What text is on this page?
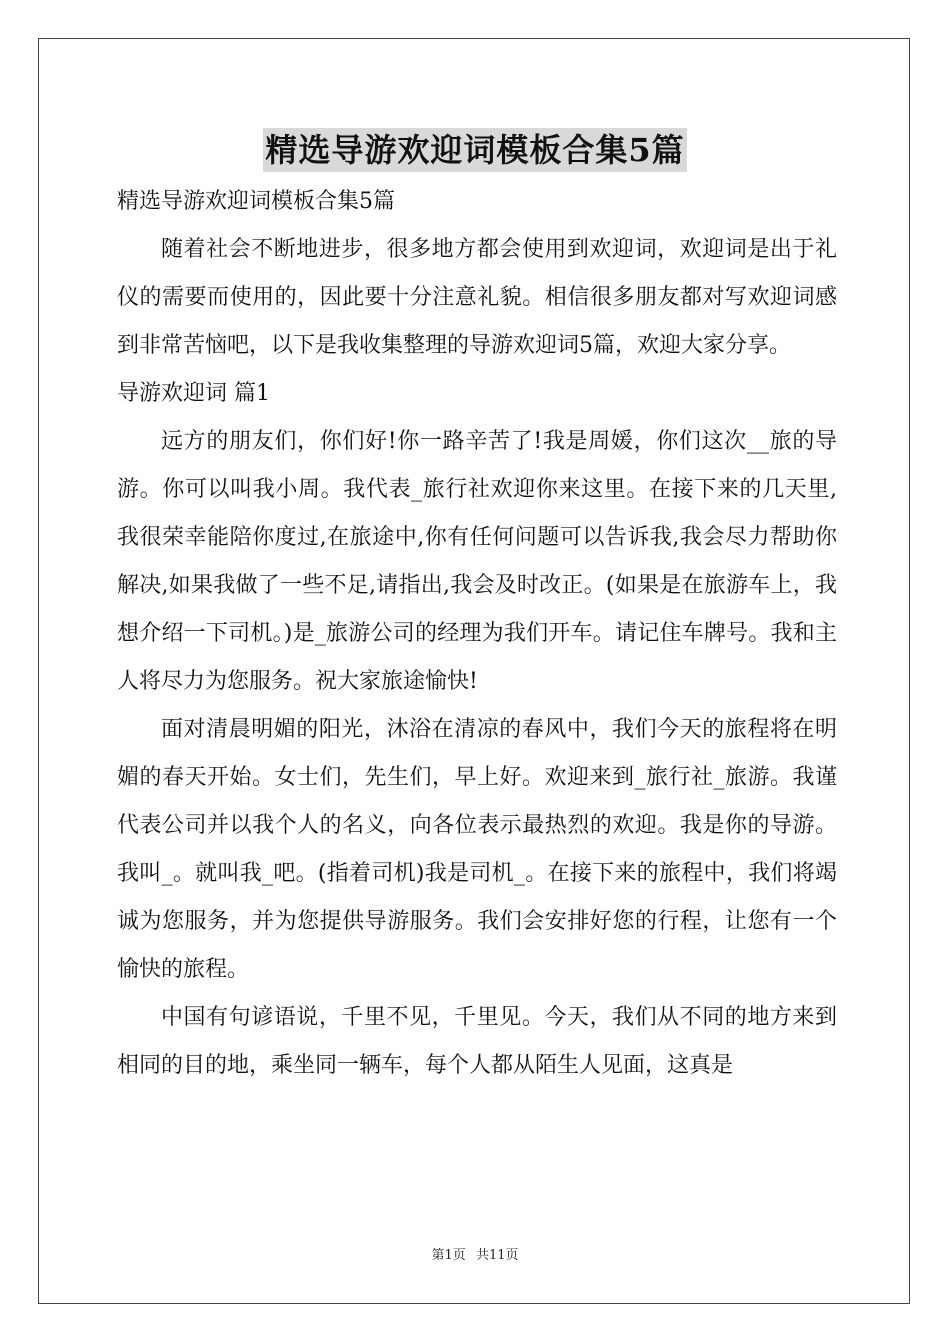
精选导游欢迎词模板合集5篇

精选导游欢迎词模板合集5篇

随着社会不断地进步，很多地方都会使用到欢迎词，欢迎词是出于礼仪的需要而使用的，因此要十分注意礼貌。相信很多朋友都对写欢迎词感到非常苦恼吧，以下是我收集整理的导游欢迎词5篇，欢迎大家分享。

导游欢迎词 篇1

远方的朋友们，你们好!你一路辛苦了!我是周媛，你们这次__旅的导游。你可以叫我小周。我代表_旅行社欢迎你来这里。在接下来的几天里,我很荣幸能陪你度过,在旅途中,你有任何问题可以告诉我,我会尽力帮助你解决,如果我做了一些不足,请指出,我会及时改正。(如果是在旅游车上，我想介绍一下司机。)是_旅游公司的经理为我们开车。请记住车牌号。我和主人将尽力为您服务。祝大家旅途愉快!

面对清晨明媚的阳光，沐浴在清凉的春风中，我们今天的旅程将在明媚的春天开始。女士们，先生们，早上好。欢迎来到_旅行社_旅游。我谨代表公司并以我个人的名义，向各位表示最热烈的欢迎。我是你的导游。我叫_。就叫我_吧。(指着司机)我是司机_。在接下来的旅程中，我们将竭诚为您服务，并为您提供导游服务。我们会安排好您的行程，让您有一个愉快的旅程。

中国有句谚语说，千里不见，千里见。今天，我们从不同的地方来到相同的目的地，乘坐同一辆车，每个人都从陌生人见面，这真是

第1页 共11页
